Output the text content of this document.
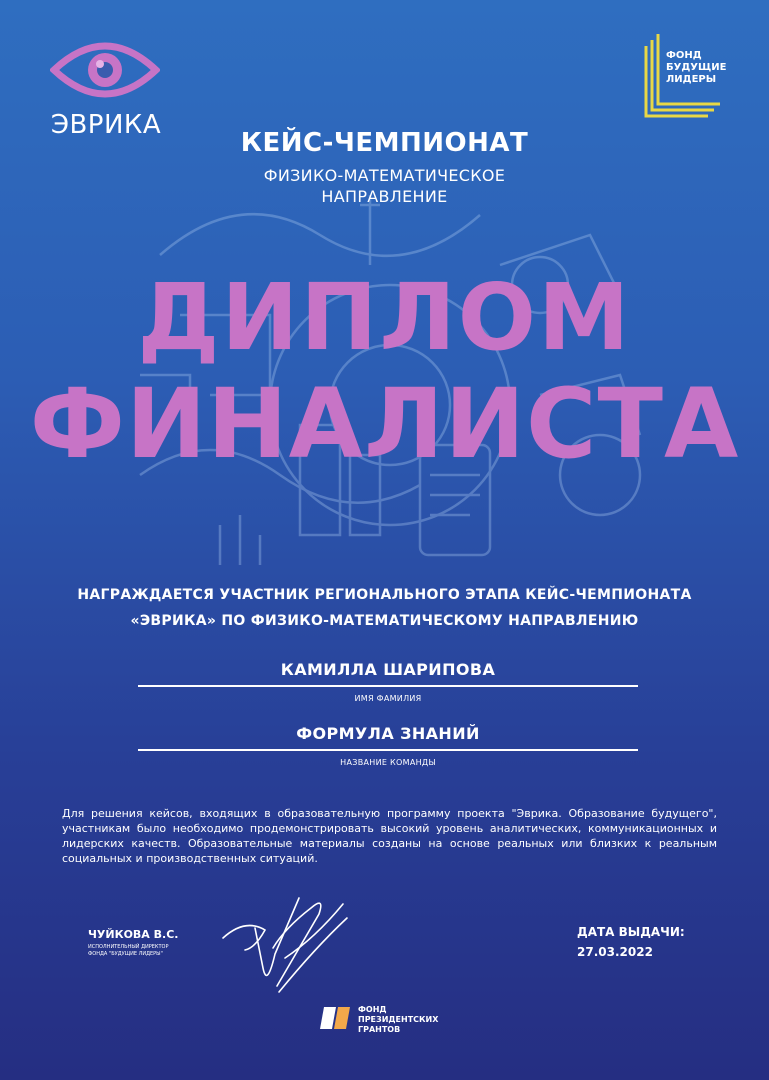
ЭВРИКА
ФОНД
БУДУЩИЕ
ЛИДЕРЫ
КЕЙС-ЧЕМПИОНАТ
ФИЗИКО-МАТЕМАТИЧЕСКОЕ
НАПРАВЛЕНИЕ
ДИПЛОМ
ФИНАЛИСТА
НАГРАЖДАЕТСЯ УЧАСТНИК РЕГИОНАЛЬНОГО ЭТАПА КЕЙС-ЧЕМПИОНАТА
«ЭВРИКА» ПО ФИЗИКО-МАТЕМАТИЧЕСКОМУ НАПРАВЛЕНИЮ
КАМИЛЛА ШАРИПОВА
ИМЯ ФАМИЛИЯ
ФОРМУЛА ЗНАНИЙ
НАЗВАНИЕ КОМАНДЫ
Для решения кейсов, входящих в образовательную программу проекта "Эврика. Образование будущего", участникам было необходимо продемонстрировать высокий уровень аналитических, коммуникационных и лидерских качеств. Образовательные материалы созданы на основе реальных или близких к реальным социальных и производственных ситуаций.
ЧУЙКОВА В.С.
ИСПОЛНИТЕЛЬНЫЙ ДИРЕКТОР
ФОНДА "БУДУЩИЕ ЛИДЕРЫ"
ДАТА ВЫДАЧИ:
27.03.2022
ФОНД
ПРЕЗИДЕНТСКИХ
ГРАНТОВ
